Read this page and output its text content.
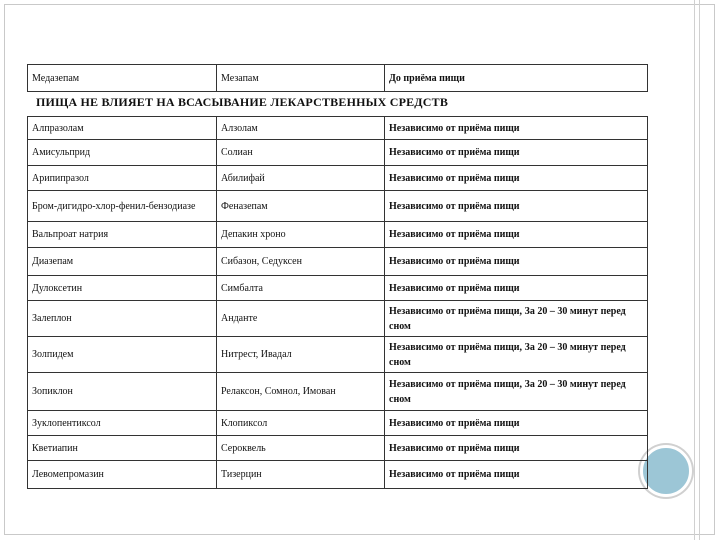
Медазепам	Мезапам	До приёма пищи
ПИЩА НЕ ВЛИЯЕТ НА ВСАСЫВАНИЕ ЛЕКАРСТВЕННЫХ СРЕДСТВ
Алпразолам	Алзолам	Независимо от приёма пищи
Амисульприд	Солиан	Независимо от приёма пищи
Арипипразол	Абилифай	Независимо от приёма пищи
Бром-дигидро-хлор-фенил-бензодиазе	Феназепам	Независимо от приёма пищи
Вальпроат натрия	Депакин хроно	Независимо от приёма пищи
Диазепам	Сибазон, Седуксен	Независимо от приёма пищи
Дулоксетин	Симбалта	Независимо от приёма пищи
Залеплон	Анданте	Независимо от приёма пищи, За 20 – 30 минут перед сном
Золпидем	Нитрест, Ивадал	Независимо от приёма пищи, За 20 – 30 минут перед сном
Зопиклон	Релаксон, Сомнол, Имован	Независимо от приёма пищи, За 20 – 30 минут перед сном
Зуклопентиксол	Клопиксол	Независимо от приёма пищи
Кветиапин	Сероквель	Независимо от приёма пищи
Левомепромазин	Тизерцин	Независимо от приёма пищи
